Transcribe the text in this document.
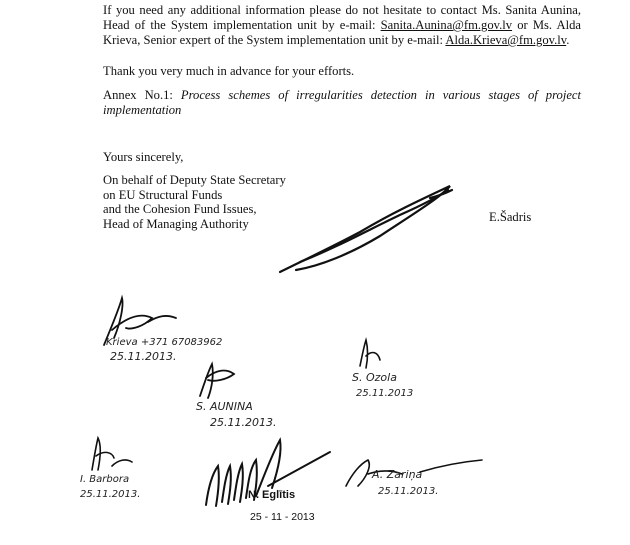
If you need any additional information please do not hesitate to contact Ms. Sanita Aunina, Head of the System implementation unit by e-mail: Sanita.Aunina@fm.gov.lv or Ms. Alda Krieva, Senior expert of the System implementation unit by e-mail: Alda.Krieva@fm.gov.lv.
Thank you very much in advance for your efforts.
Annex No.1: Process schemes of irregularities detection in various stages of project implementation
Yours sincerely,
On behalf of Deputy State Secretary
on EU Structural Funds
and the Cohesion Fund Issues,
Head of Managing Authority	E.Šadris
Krieva +371 67083962
25.11.2013.
S. Ozola
25.11.2013
S. AUNINA
25.11.2013.
I. Barbora
25.11.2013.	N. Eglītis
25 - 11 - 2013
A. Zariņa
25.11.2013.
